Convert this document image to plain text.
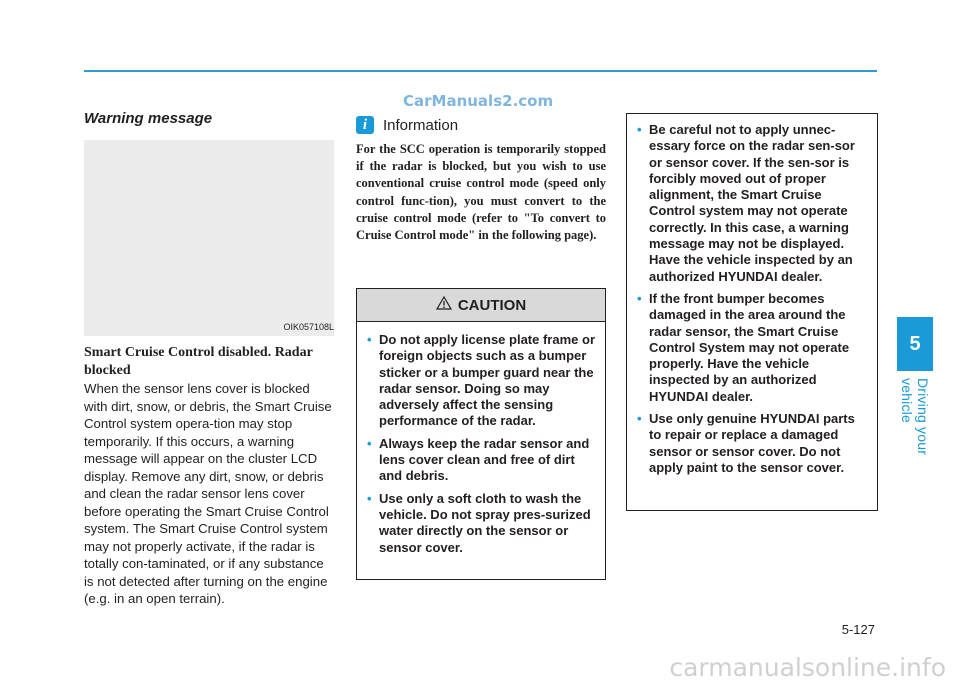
CarManuals2.com
5
Driving your vehicle
Warning message
OIK057108L
Smart Cruise Control disabled. Radar blocked

When the sensor lens cover is blocked with dirt, snow, or debris, the Smart Cruise Control system opera-tion may stop temporarily. If this occurs, a warning message will appear on the cluster LCD display. Remove any dirt, snow, or debris and clean the radar sensor lens cover before operating the Smart Cruise Control system. The Smart Cruise Control system may not properly activate, if the radar is totally con-taminated, or if any substance is not detected after turning on the engine (e.g. in an open terrain).

i	Information

For the SCC operation is temporarily stopped if the radar is blocked, but you wish to use conventional cruise control mode (speed only control func-tion), you must convert to the cruise control mode (refer to "To convert to Cruise Control mode" in the following page).

CAUTION
• Do not apply license plate frame or foreign objects such as a bumper sticker or a bumper guard near the radar sensor. Doing so may adversely affect the sensing performance of the radar.
• Always keep the radar sensor and lens cover clean and free of dirt and debris.
• Use only a soft cloth to wash the vehicle. Do not spray pres-surized water directly on the sensor or sensor cover.
• Be careful not to apply unnec-essary force on the radar sen-sor or sensor cover. If the sen-sor is forcibly moved out of proper alignment, the Smart Cruise Control system may not operate correctly. In this case, a warning message may not be displayed. Have the vehicle inspected by an authorized HYUNDAI dealer.
• If the front bumper becomes damaged in the area around the radar sensor, the Smart Cruise Control System may not operate properly. Have the vehicle inspected by an authorized HYUNDAI dealer.
• Use only genuine HYUNDAI parts to repair or replace a damaged sensor or sensor cover. Do not apply paint to the sensor cover.
5-127
carmanualsonline.info
